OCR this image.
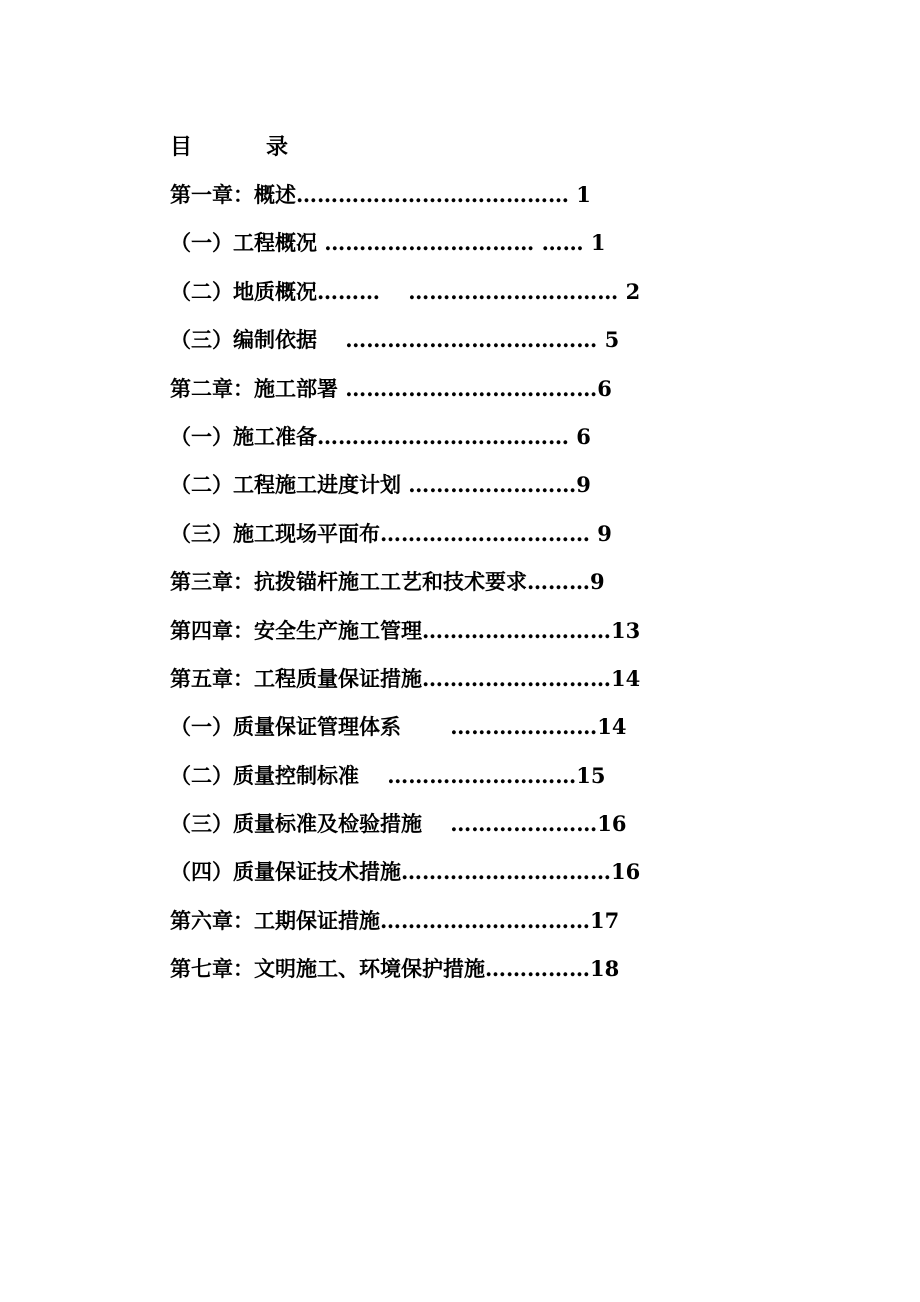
目　录
第一章：概述………………………………… 1
（一）工程概况 ………………………… …… 1
（二）地质概况………　 ………………………… 2
（三）编制依据　 ……………………………… 5
第二章：施工部署 ………………………………6
（一）施工准备……………………………… 6
（二）工程施工进度计划 ……………………9
（三）施工现场平面布………………………… 9
第三章：抗拨锚杆施工工艺和技术要求………9
第四章：安全生产施工管理………………………13
第五章：工程质量保证措施………………………14
（一）质量保证管理体系　　 …………………14
（二）质量控制标准　 ………………………15
（三）质量标准及检验措施　 …………………16
（四）质量保证技术措施…………………………16
第六章：工期保证措施…………………………17
第七章：文明施工、环境保护措施……………18
